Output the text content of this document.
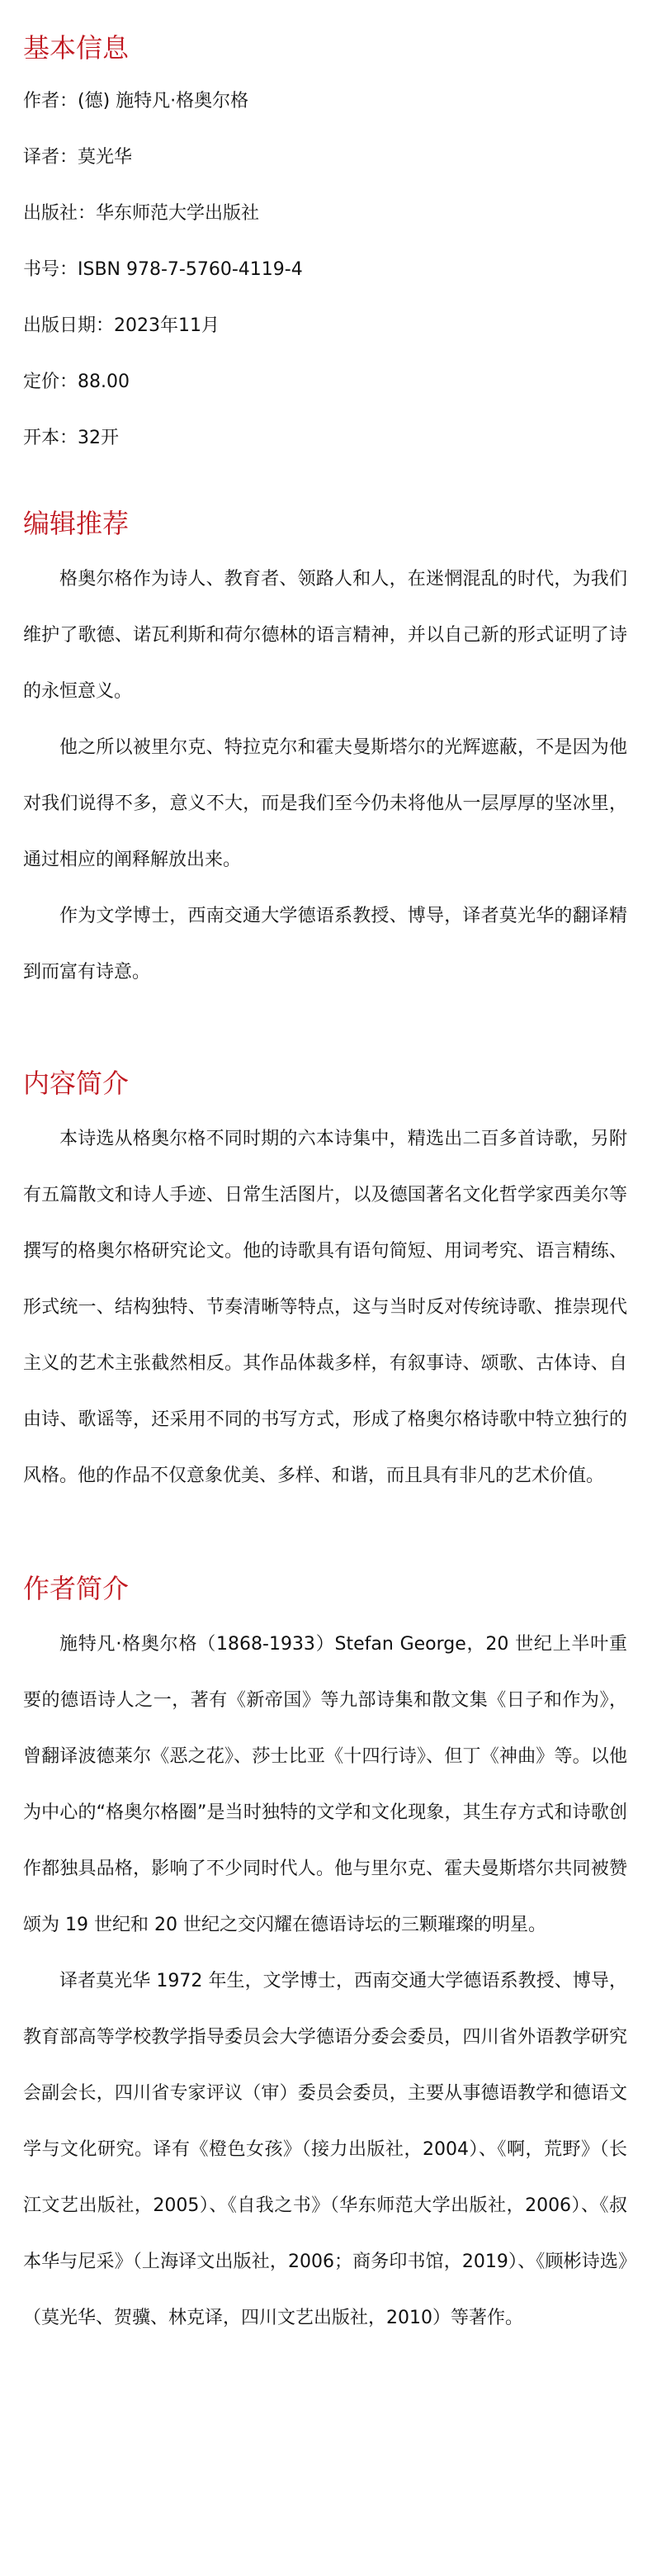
基本信息
作者：(德) 施特凡·格奥尔格
译者：莫光华
出版社：华东师范大学出版社
书号：ISBN 978-7-5760-4119-4
出版日期：2023年11月
定价：88.00
开本：32开
编辑推荐

格奥尔格作为诗人、教育者、领路人和人，在迷惘混乱的时代，为我们维护了歌德、诺瓦利斯和荷尔德林的语言精神，并以自己新的形式证明了诗的永恒意义。

他之所以被里尔克、特拉克尔和霍夫曼斯塔尔的光辉遮蔽，不是因为他对我们说得不多，意义不大，而是我们至今仍未将他从一层厚厚的坚冰里，通过相应的阐释解放出来。

作为文学博士，西南交通大学德语系教授、博导，译者莫光华的翻译精到而富有诗意。

内容简介

本诗选从格奥尔格不同时期的六本诗集中，精选出二百多首诗歌，另附有五篇散文和诗人手迹、日常生活图片，以及德国著名文化哲学家西美尔等撰写的格奥尔格研究论文。他的诗歌具有语句简短、用词考究、语言精练、形式统一、结构独特、节奏清晰等特点，这与当时反对传统诗歌、推崇现代主义的艺术主张截然相反。其作品体裁多样，有叙事诗、颂歌、古体诗、自由诗、歌谣等，还采用不同的书写方式，形成了格奥尔格诗歌中特立独行的风格。他的作品不仅意象优美、多样、和谐，而且具有非凡的艺术价值。

作者简介

施特凡·格奥尔格（1868-1933）Stefan George，20 世纪上半叶重要的德语诗人之一，著有《新帝国》等九部诗集和散文集《日子和作为》，曾翻译波德莱尔《恶之花》、莎士比亚《十四行诗》、但丁《神曲》等。以他为中心的“格奥尔格圈”是当时独特的文学和文化现象，其生存方式和诗歌创作都独具品格，影响了不少同时代人。他与里尔克、霍夫曼斯塔尔共同被赞颂为 19 世纪和 20 世纪之交闪耀在德语诗坛的三颗璀璨的明星。

译者莫光华 1972 年生，文学博士，西南交通大学德语系教授、博导，教育部高等学校教学指导委员会大学德语分委会委员，四川省外语教学研究会副会长，四川省专家评议（审）委员会委员，主要从事德语教学和德语文学与文化研究。译有《橙色女孩》（接力出版社，2004）、《啊，荒野》（长江文艺出版社，2005）、《自我之书》（华东师范大学出版社，2006）、《叔本华与尼采》（上海译文出版社，2006；商务印书馆，2019）、《顾彬诗选》（莫光华、贺骥、林克译，四川文艺出版社，2010）等著作。
